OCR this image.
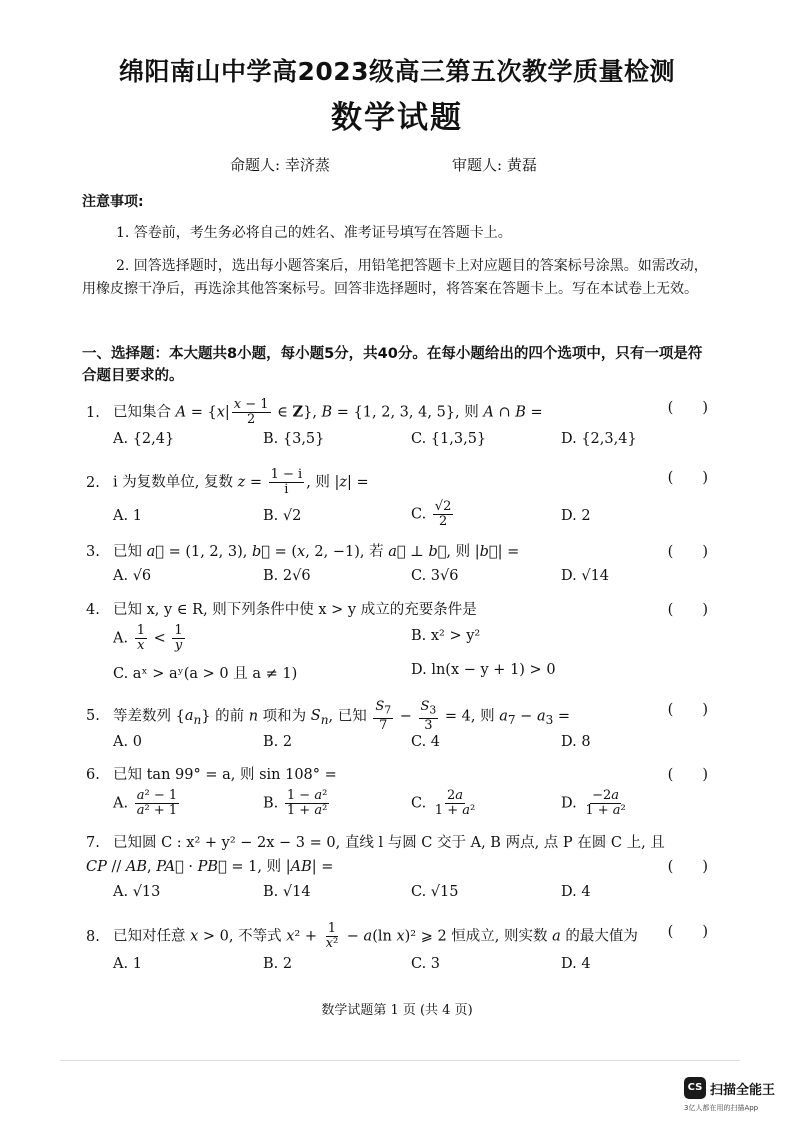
绵阳南山中学高2023级高三第五次教学质量检测
数学试题
命题人: 幸济蒸	审题人: 黄磊
注意事项:
1. 答卷前，考生务必将自己的姓名、准考证号填写在答题卡上。
2. 回答选择题时，选出每小题答案后，用铅笔把答题卡上对应题目的答案标号涂黑。如需改动，用橡皮擦干净后，再选涂其他答案标号。回答非选择题时，将答案在答题卡上。写在本试卷上无效。
一、选择题：本大题共8小题，每小题5分，共40分。在每小题给出的四个选项中，只有一项是符合题目要求的。
1. 已知集合 $A = \{x| \frac{x - 1}{2}$ ∈ Z}, B = {1, 2, 3, 4, 5}, 则 A ∩ B =	(　　)
A. {2,4}	B. {3,5}	C. {1,3,5}	D. {2,3,4}
2. i 为复数单位, 复数 $z = \frac{1 - i}{i}$ , 则 |z| =	(　　)
A. 1	B. √2	C. $\frac{√2}{2}$	D. 2
3. 已知 a⃗ = (1, 2, 3), b⃗ = (x, 2, −1), 若 a⃗ ⊥ b⃗, 则 |b⃗| =	(　　)
A. √6	B. 2√6	C. 3√6	D. √14
4. 已知 x, y ∈ R, 则下列条件中使 x > y 成立的充要条件是	(　　)
A. $\frac{1}{x} < \frac{1}{y}$	B. x² > y²
C. aˣ > aʸ(a > 0 且 a ≠ 1)	D. ln(x − y + 1) > 0
5. 等差数列 $\{a_n\}$ 的前 n 项和为 $S_n$, 已知 $\frac{S_7}{7} - \frac{S_3}{3} = 4$, 则 $a_7 - a_3$ =	(　　)
A. 0	B. 2	C. 4	D. 8
6. 已知 tan 99° = a, 则 sin 108° =	(　　)
A. $\frac{\text{a² − 1}}{\text{a² + 1}}$	B. $\frac{\text{1 − a²}}{\text{1 + a²}}$	C. $\frac{2a}{\text{1 + a²}}$	D. $\frac{-2a}{\text{1 + a²}}$
7. 已知圆 C : x² + y² − 2x − 3 = 0, 直线 l 与圆 C 交于 A, B 两点, 点 P 在圆 C 上, 且
CP // AB, PA⃗ · PB⃗ = 1, 则 |AB| =	(　　)
A. √13	B. √14	C. √15	D. 4
8. 已知对任意 x > 0, 不等式 $x^2 + \frac{1}{\text{x²}} - a(\ln$ x)² ⩾ 2 恒成立, 则实数 a 的最大值为 (　　)
A. 1	B. 2	C. 3	D. 4
数学试题第 1 页 (共 4 页)
CS 扫描全能王
3亿人都在用的扫描App
